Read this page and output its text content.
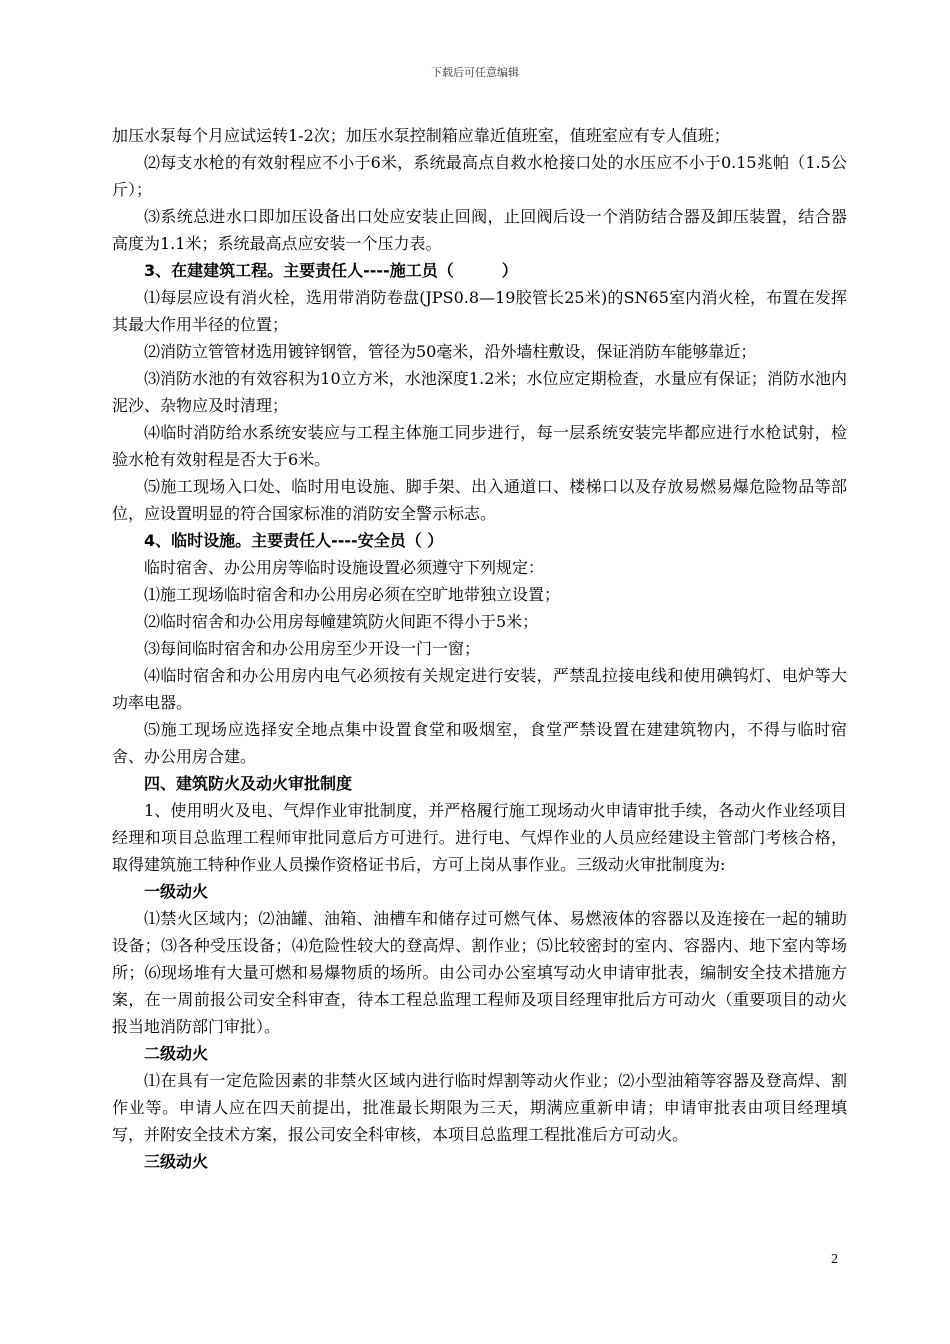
下载后可任意编辑

加压水泵每个月应试运转1-2次；加压水泵控制箱应靠近值班室，值班室应有专人值班；

⑵每支水枪的有效射程应不小于6米，系统最高点自救水枪接口处的水压应不小于0.15兆帕（1.5公斤）；

⑶系统总进水口即加压设备出口处应安装止回阀，止回阀后设一个消防结合器及卸压装置，结合器高度为1.1米；系统最高点应安装一个压力表。

3、在建建筑工程。主要责任人----施工员（　　　）

⑴每层应设有消火栓，选用带消防卷盘(JPS0.8—19胶管长25米)的SN65室内消火栓，布置在发挥其最大作用半径的位置；

⑵消防立管管材选用镀锌钢管，管径为50毫米，沿外墙柱敷设，保证消防车能够靠近；

⑶消防水池的有效容积为10立方米，水池深度1.2米；水位应定期检查，水量应有保证；消防水池内泥沙、杂物应及时清理；

⑷临时消防给水系统安装应与工程主体施工同步进行，每一层系统安装完毕都应进行水枪试射，检验水枪有效射程是否大于6米。

⑸施工现场入口处、临时用电设施、脚手架、出入通道口、楼梯口以及存放易燃易爆危险物品等部位，应设置明显的符合国家标准的消防安全警示标志。

4、临时设施。主要责任人----安全员（ ）

临时宿舍、办公用房等临时设施设置必须遵守下列规定：

⑴施工现场临时宿舍和办公用房必须在空旷地带独立设置；

⑵临时宿舍和办公用房每幢建筑防火间距不得小于5米；

⑶每间临时宿舍和办公用房至少开设一门一窗；

⑷临时宿舍和办公用房内电气必须按有关规定进行安装，严禁乱拉接电线和使用碘钨灯、电炉等大功率电器。

⑸施工现场应选择安全地点集中设置食堂和吸烟室，食堂严禁设置在建建筑物内，不得与临时宿舍、办公用房合建。

四、建筑防火及动火审批制度

1、使用明火及电、气焊作业审批制度，并严格履行施工现场动火申请审批手续，各动火作业经项目经理和项目总监理工程师审批同意后方可进行。进行电、气焊作业的人员应经建设主管部门考核合格，取得建筑施工特种作业人员操作资格证书后，方可上岗从事作业。三级动火审批制度为:

一级动火

⑴禁火区域内；⑵油罐、油箱、油槽车和储存过可燃气体、易燃液体的容器以及连接在一起的辅助设备；⑶各种受压设备；⑷危险性较大的登高焊、割作业；⑸比较密封的室内、容器内、地下室内等场所；⑹现场堆有大量可燃和易爆物质的场所。由公司办公室填写动火申请审批表，编制安全技术措施方案，在一周前报公司安全科审查，待本工程总监理工程师及项目经理审批后方可动火（重要项目的动火报当地消防部门审批）。

二级动火

⑴在具有一定危险因素的非禁火区域内进行临时焊割等动火作业；⑵小型油箱等容器及登高焊、割作业等。申请人应在四天前提出，批准最长期限为三天，期满应重新申请；申请审批表由项目经理填写，并附安全技术方案，报公司安全科审核，本项目总监理工程批准后方可动火。

三级动火

2
